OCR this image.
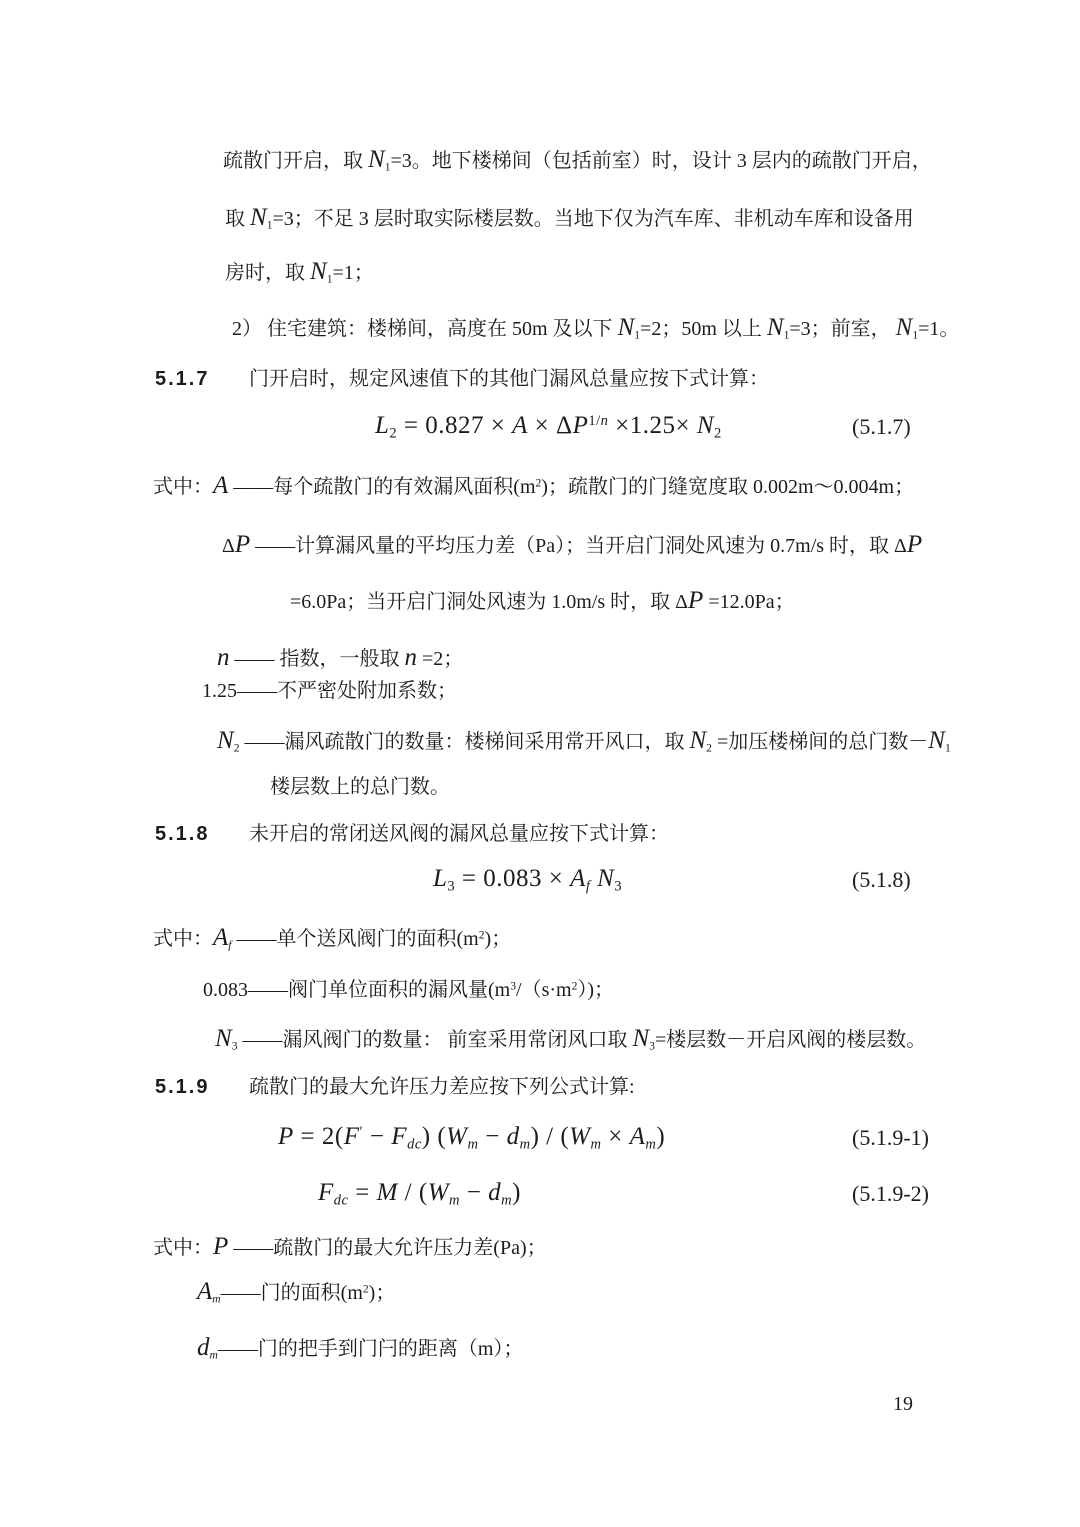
疏散门开启，取 N1=3。地下楼梯间（包括前室）时，设计 3 层内的疏散门开启，
取 N1=3；不足 3 层时取实际楼层数。当地下仅为汽车库、非机动车库和设备用
房时，取 N1=1；
2） 住宅建筑：楼梯间，高度在 50m 及以下 N1=2；50m 以上 N1=3；前室， N1=1。
5.1.7 门开启时，规定风速值下的其他门漏风总量应按下式计算：
$L2 = 0.827 \times A \times \Delta P^{1/n} \times 1.25\times N2$	(5.1.7)
式中：A ——每个疏散门的有效漏风面积$(m^2)$；疏散门的门缝宽度取 0.002m～0.004m；
ΔP ——计算漏风量的平均压力差（Pa）；当开启门洞处风速为 0.7m/s 时，取 ΔP
=6.0Pa；当开启门洞处风速为 1.0m/s 时，取 ΔP =12.0Pa；
n —— 指数，一般取 n =2；
1.25——不严密处附加系数；
N2 ——漏风疏散门的数量：楼梯间采用常开风口，取 N2 =加压楼梯间的总门数－N1
楼层数上的总门数。
5.1.8 未开启的常闭送风阀的漏风总量应按下式计算：
L3 = 0.083 × Af N3	(5.1.8)
式中：Af ——单个送风阀门的面积$(m^2)$；
0.083——阀门单位面积的漏风量$(m^3/(s\cdot m^2))$；
N3 ——漏风阀门的数量： 前室采用常闭风口取 N3=楼层数－开启风阀的楼层数。
5.1.9 疏散门的最大允许压力差应按下列公式计算:
P = 2(F′ − Fdc) (Wm − dm) / (Wm × Am)	(5.1.9-1)
Fdc = M / (Wm − dm)	(5.1.9-2)
式中：P ——疏散门的最大允许压力差(Pa)；
Am——门的面积$(m^2)$；
dm——门的把手到门闩的距离（m）；
19
